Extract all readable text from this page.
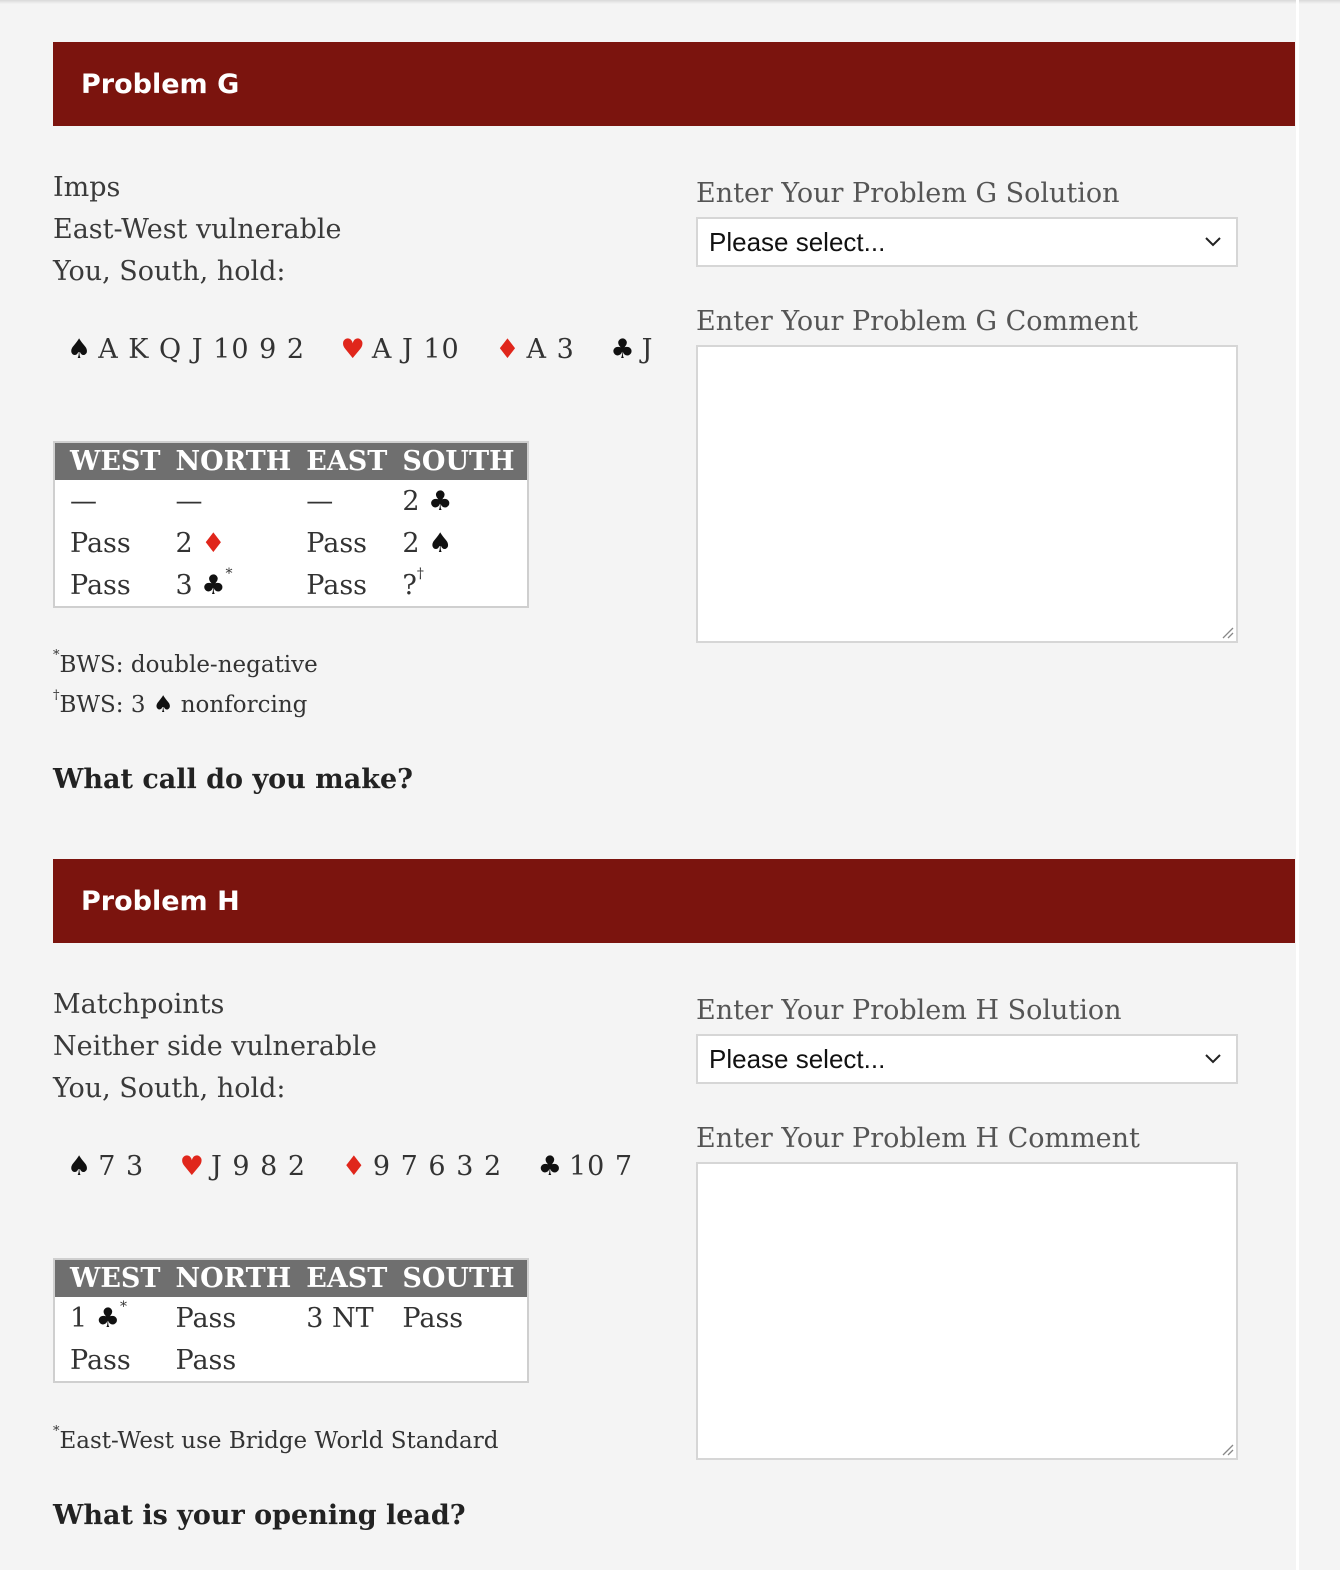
Problem G
Imps
East-West vulnerable
You, South, hold:
♠ A K Q J 10 9 2 ♥ A J 10 ♦ A 3 ♣ J
WEST	NORTH	EAST	SOUTH
—	—	—	2 ♣
Pass	2 ♦	Pass	2 ♠
Pass	3 ♣*	Pass	?†
*BWS: double-negative
†BWS: 3 ♠ nonforcing
What call do you make?
Enter Your Problem G Solution
Please select...
Enter Your Problem G Comment
Problem H
Matchpoints
Neither side vulnerable
You, South, hold:
♠ 7 3 ♥ J 9 8 2 ♦ 9 7 6 3 2 ♣ 10 7
WEST	NORTH	EAST	SOUTH
1 ♣*	Pass	3 NT	Pass
Pass	Pass		
*East-West use Bridge World Standard
What is your opening lead?
Enter Your Problem H Solution
Please select...
Enter Your Problem H Comment
